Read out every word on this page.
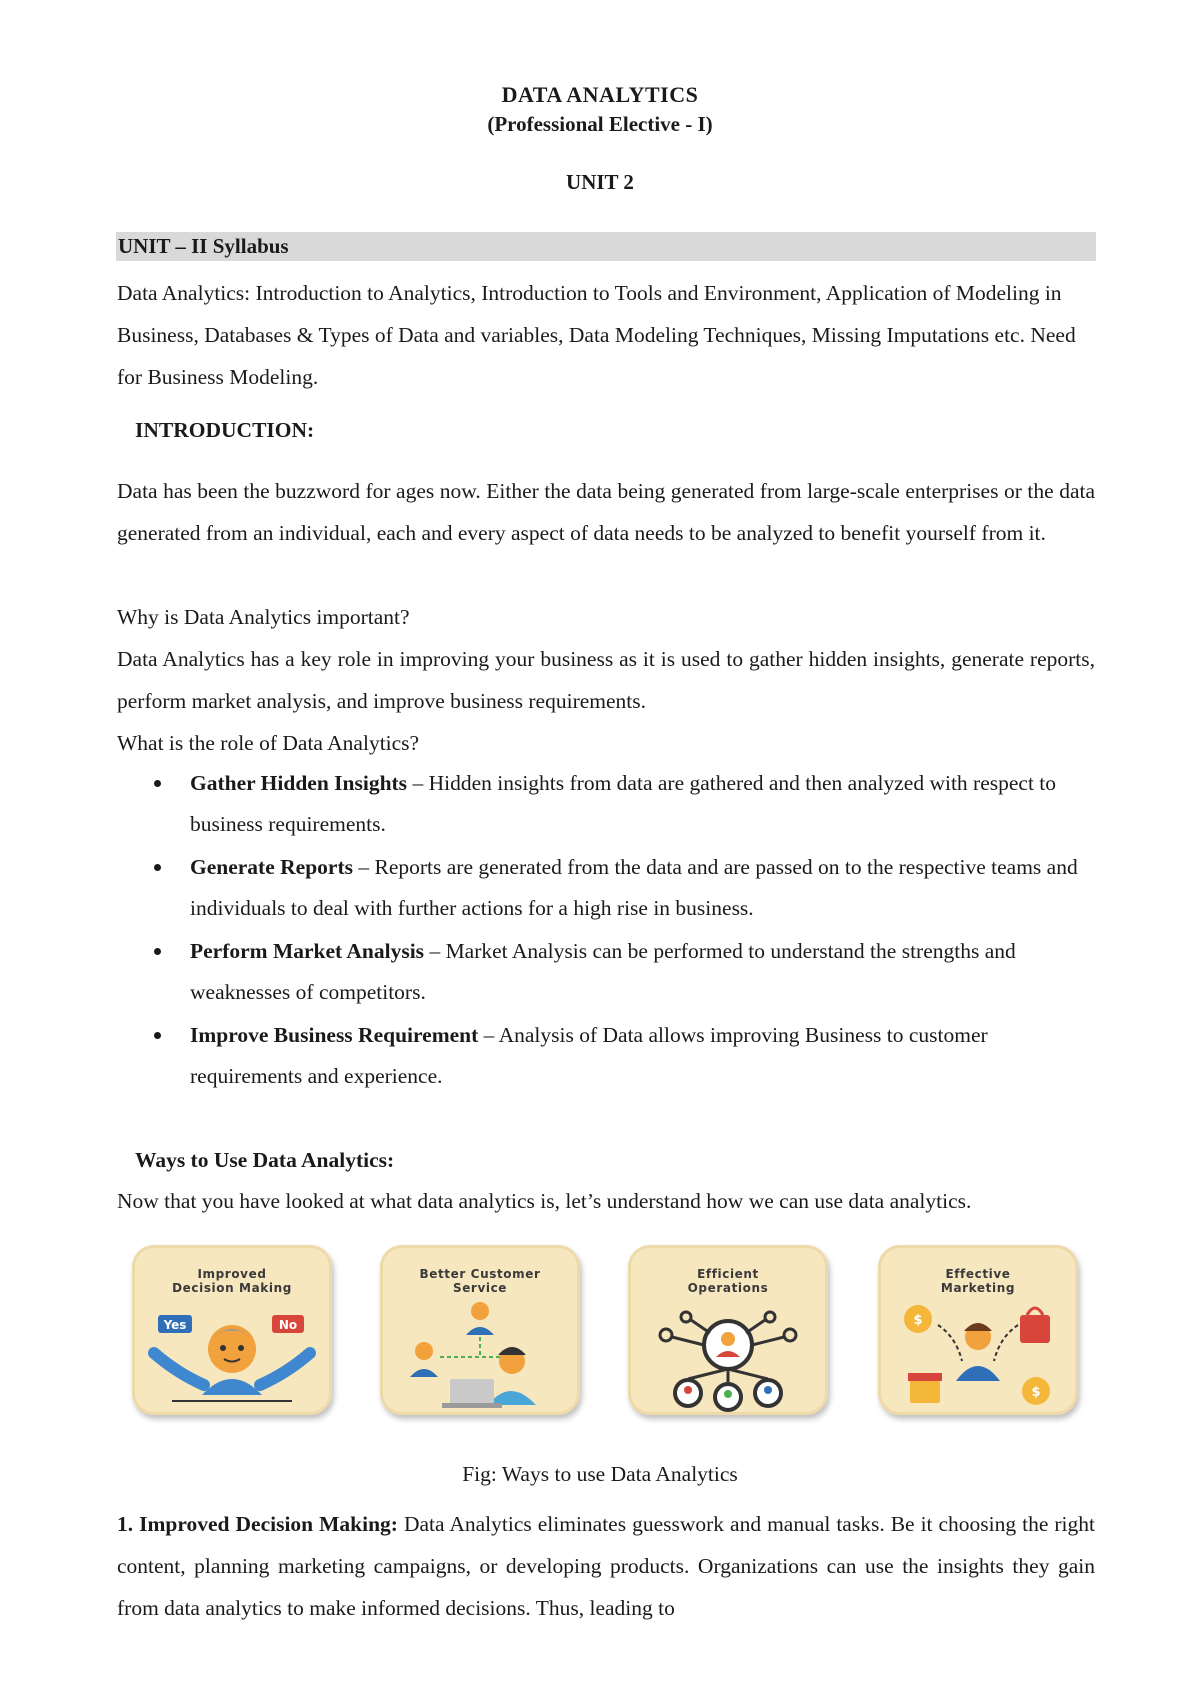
DATA ANALYTICS
(Professional Elective - I)
UNIT 2
UNIT – II Syllabus

Data Analytics: Introduction to Analytics, Introduction to Tools and Environment, Application of Modeling in Business, Databases & Types of Data and variables, Data Modeling Techniques, Missing Imputations etc. Need for Business Modeling.

INTRODUCTION:

Data has been the buzzword for ages now. Either the data being generated from large-scale enterprises or the data generated from an individual, each and every aspect of data needs to be analyzed to benefit yourself from it.

Why is Data Analytics important?

Data Analytics has a key role in improving your business as it is used to gather hidden insights, generate reports, perform market analysis, and improve business requirements.

What is the role of Data Analytics?

Gather Hidden Insights – Hidden insights from data are gathered and then analyzed with respect to business requirements.
Generate Reports – Reports are generated from the data and are passed on to the respective teams and individuals to deal with further actions for a high rise in business.
Perform Market Analysis – Market Analysis can be performed to understand the strengths and weaknesses of competitors.
Improve Business Requirement – Analysis of Data allows improving Business to customer requirements and experience.
Ways to Use Data Analytics:

Now that you have looked at what data analytics is, let’s understand how we can use data analytics.

Improved
Decision Making
Yes	No
Better Customer
Service
Efficient
Operations
Effective
Marketing
$
$
Fig: Ways to use Data Analytics

1. Improved Decision Making: Data Analytics eliminates guesswork and manual tasks. Be it choosing the right content, planning marketing campaigns, or developing products. Organizations can use the insights they gain from data analytics to make informed decisions. Thus, leading to
